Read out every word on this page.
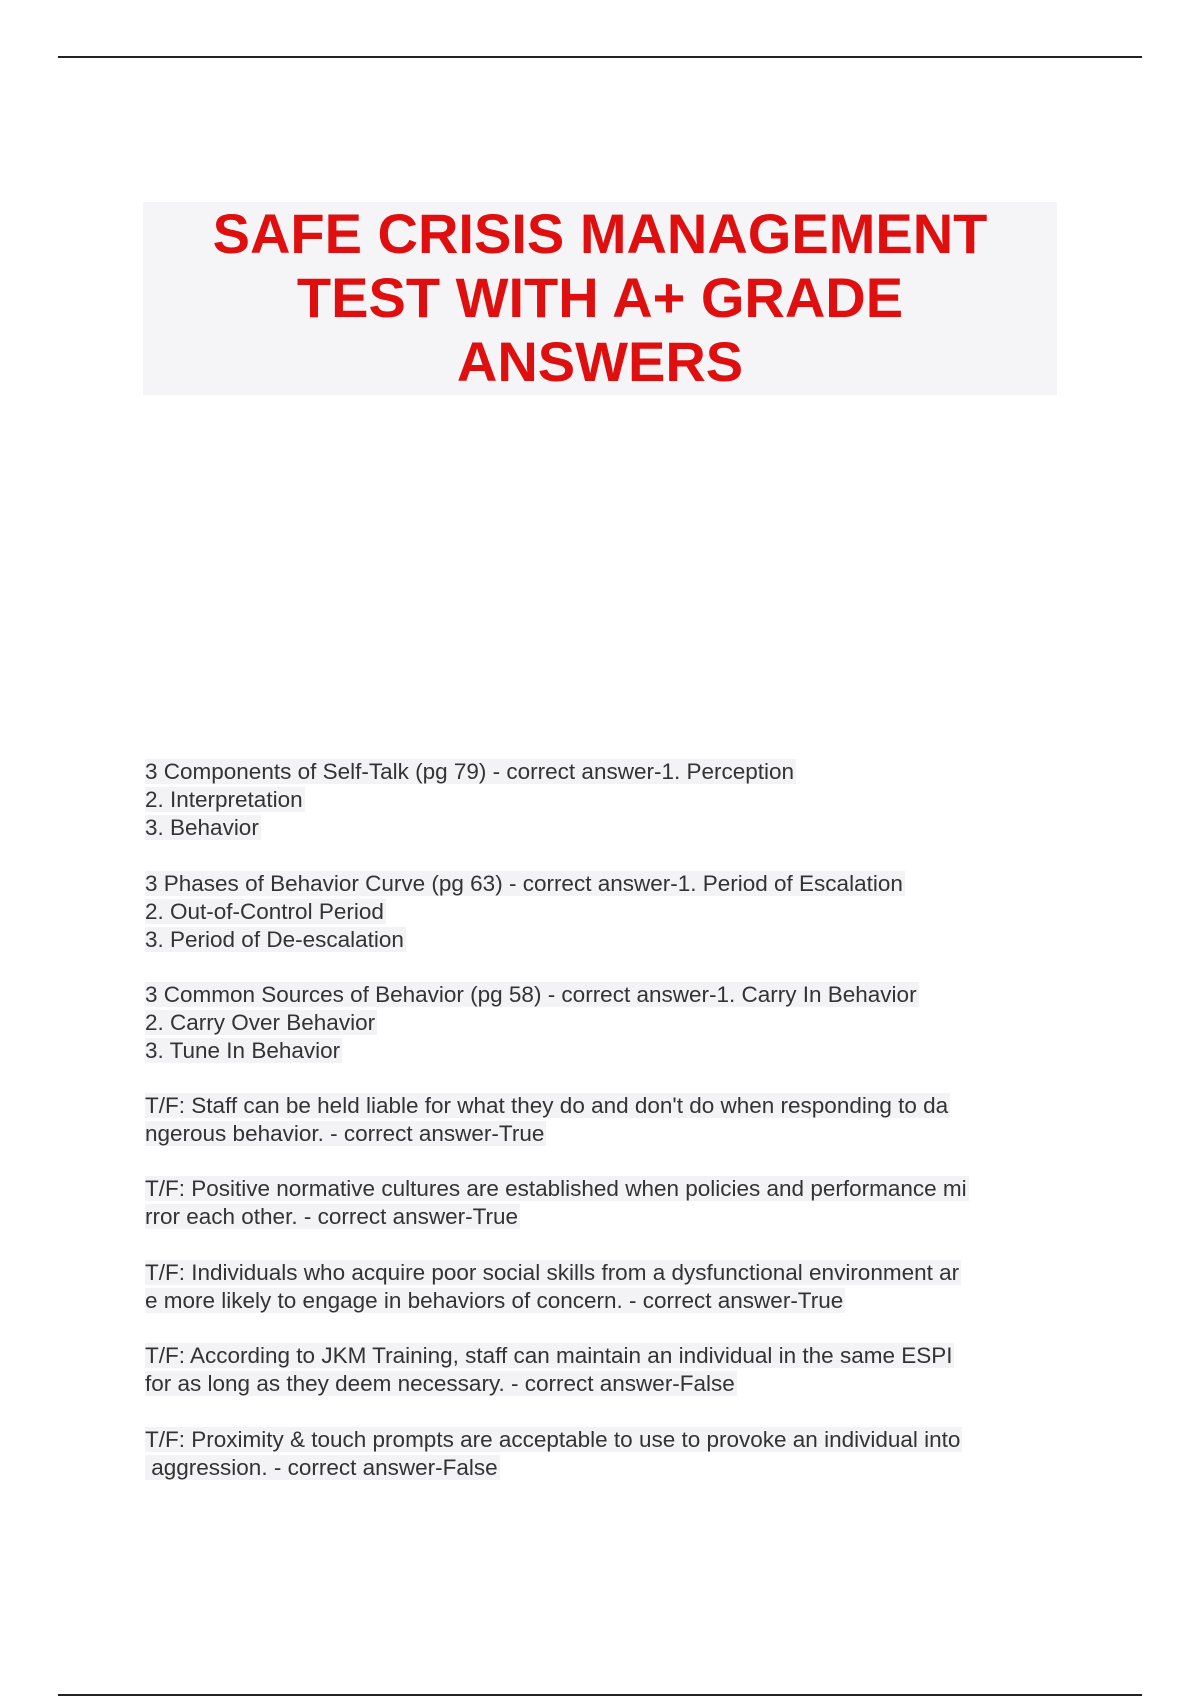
SAFE CRISIS MANAGEMENT
TEST WITH A+ GRADE
ANSWERS
3 Components of Self-Talk (pg 79) - correct answer-1. Perception
2. Interpretation
3. Behavior
3 Phases of Behavior Curve (pg 63) - correct answer-1. Period of Escalation
2. Out-of-Control Period
3. Period of De-escalation
3 Common Sources of Behavior (pg 58) - correct answer-1. Carry In Behavior
2. Carry Over Behavior
3. Tune In Behavior
T/F: Staff can be held liable for what they do and don't do when responding to da
ngerous behavior. - correct answer-True
T/F: Positive normative cultures are established when policies and performance mi
rror each other. - correct answer-True
T/F: Individuals who acquire poor social skills from a dysfunctional environment ar
e more likely to engage in behaviors of concern. - correct answer-True
T/F: According to JKM Training, staff can maintain an individual in the same ESPI
for as long as they deem necessary. - correct answer-False
T/F: Proximity & touch prompts are acceptable to use to provoke an individual into
aggression. - correct answer-False
